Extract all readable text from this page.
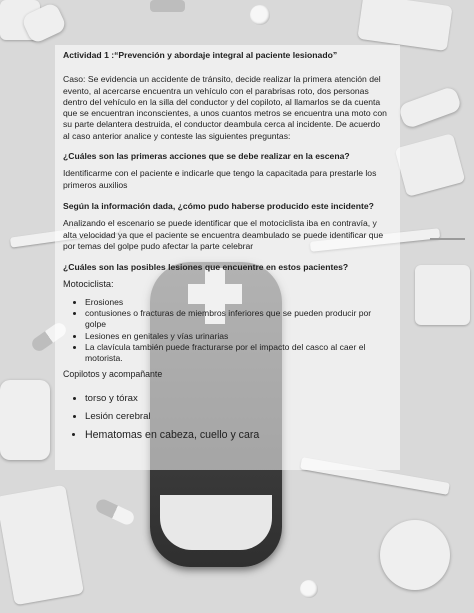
Actividad 1 :“Prevención y abordaje integral al paciente lesionado”

Caso: Se evidencia un accidente de tránsito, decide realizar la primera atención del evento, al acercarse encuentra un vehículo con el parabrisas roto, dos personas dentro del vehículo en la silla del conductor y del copiloto, al llamarlos se da cuenta que se encuentran inconscientes, a unos cuantos metros se encuentra una moto con su parte delantera destruida, el conductor deambula cerca al incidente. De acuerdo al caso anterior analice y conteste las siguientes preguntas:

¿Cuáles son las primeras acciones que se debe realizar en la escena?

Identificarme con el paciente e indicarle que tengo la capacitada para prestarle los primeros auxilios

Según la información dada, ¿cómo pudo haberse producido este incidente?

Analizando el escenario se puede identificar que el motociclista iba en contravía, y alta velocidad ya que el paciente se encuentra deambulado se puede identificar que por temas del golpe pudo afectar la parte celebrar

¿Cuáles son las posibles lesiones que encuentre en estos pacientes?

Motociclista:

• Erosiones
• contusiones o fracturas de miembros inferiores que se pueden producir por golpe
• Lesiones en genitales y vías urinarias
• La clavícula también puede fracturarse por el impacto del casco al caer el motorista.

Copilotos y acompañante

• torso y tórax
• Lesión cerebral
• Hematomas en cabeza, cuello y cara
